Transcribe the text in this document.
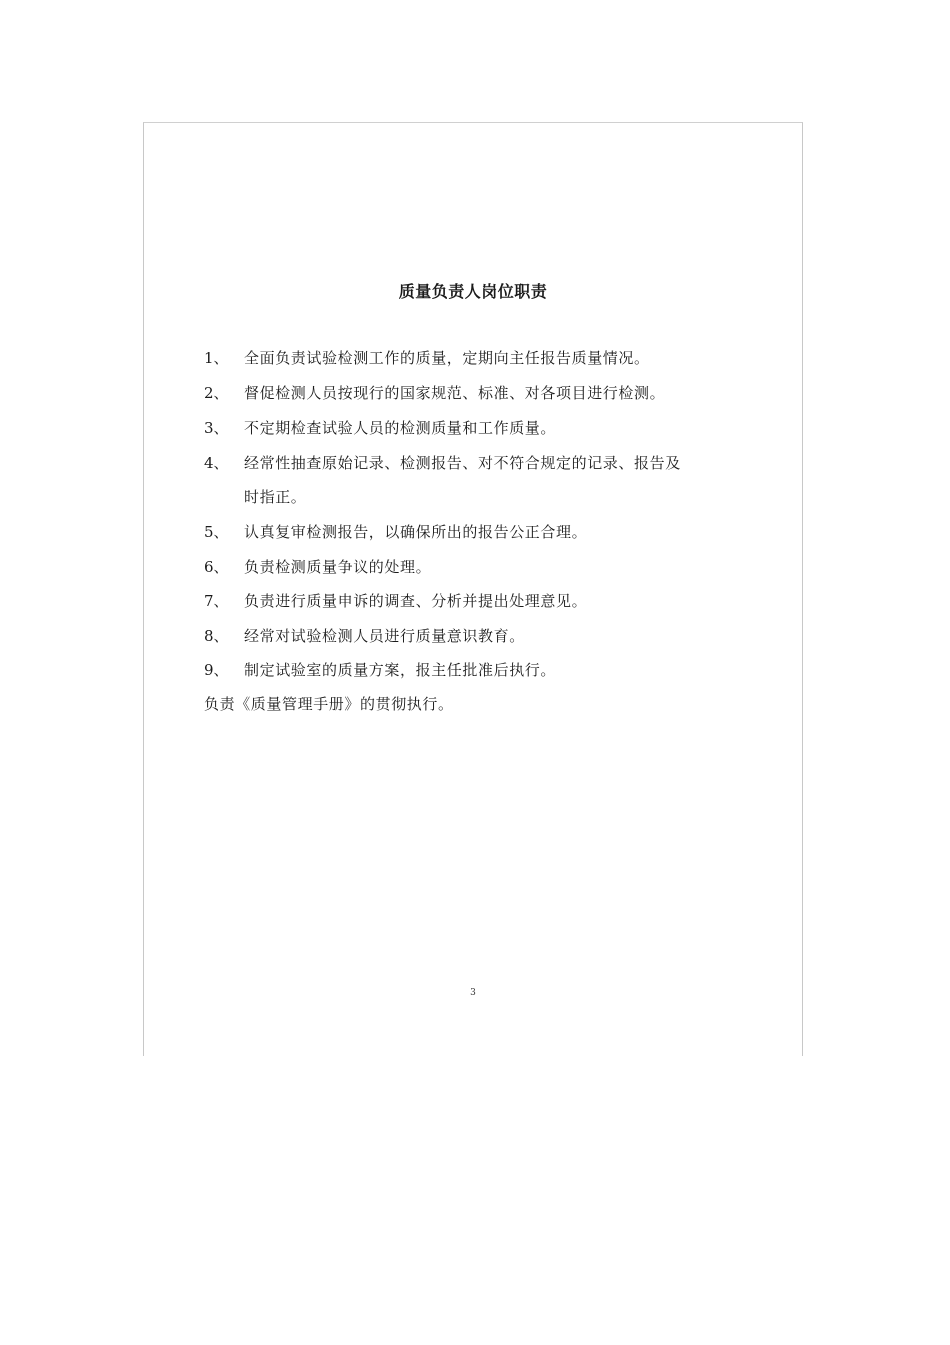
质量负责人岗位职责
1、 全面负责试验检测工作的质量，定期向主任报告质量情况。
2、 督促检测人员按现行的国家规范、标准、对各项目进行检测。
3、 不定期检查试验人员的检测质量和工作质量。
4、 经常性抽查原始记录、检测报告、对不符合规定的记录、报告及
时指正。
5、 认真复审检测报告，以确保所出的报告公正合理。
6、 负责检测质量争议的处理。
7、 负责进行质量申诉的调查、分析并提出处理意见。
8、 经常对试验检测人员进行质量意识教育。
9、 制定试验室的质量方案，报主任批准后执行。
负责《质量管理手册》的贯彻执行。
3
